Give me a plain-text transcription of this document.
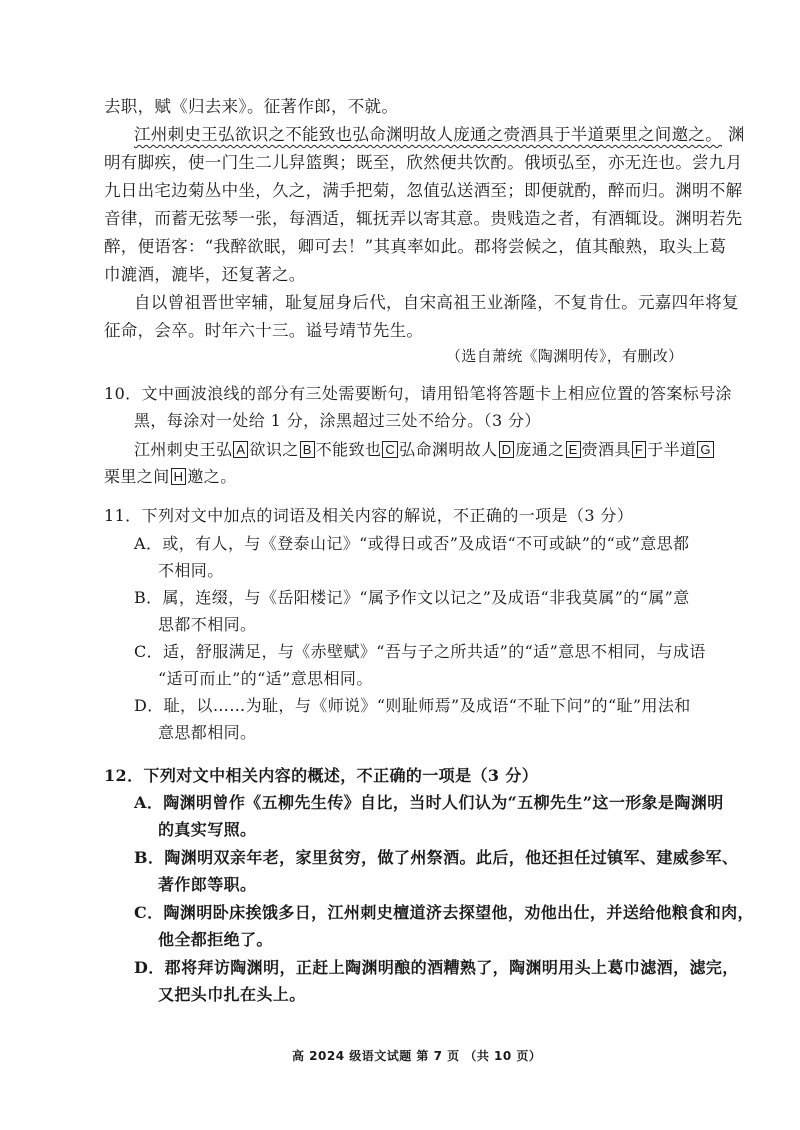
去职，赋《归去来》。征著作郎，不就。
江州刺史王弘欲识之不能致也弘命渊明故人庞通之赍酒具于半道栗里之间邀之。 渊
明有脚疾，使一门生二儿舁篮舆；既至，欣然便共饮酌。俄顷弘至，亦无迕也。尝九月
九日出宅边菊丛中坐，久之，满手把菊，忽值弘送酒至；即便就酌，醉而归。渊明不解
音律，而蓄无弦琴一张，每酒适，辄抚弄以寄其意。贵贱造之者，有酒辄设。渊明若先
醉，便语客：“我醉欲眠，卿可去！”其真率如此。郡将尝候之，值其酿熟，取头上葛
巾漉酒，漉毕，还复著之。
自以曾祖晋世宰辅，耻复屈身后代，自宋高祖王业渐隆，不复肯仕。元嘉四年将复
征命，会卒。时年六十三。谥号靖节先生。
（选自萧统《陶渊明传》，有删改）
10．文中画波浪线的部分有三处需要断句，请用铅笔将答题卡上相应位置的答案标号涂
黑，每涂对一处给 1 分，涂黑超过三处不给分。（3 分）
江州刺史王弘 A 欲识之 B 不能致也 C 弘命渊明故人 D 庞通之 E 赍酒具 F 于半道 G
栗里之间 H 邀之。
11．下列对文中加点的词语及相关内容的解说，不正确的一项是（3 分）
A．或，有人，与《登泰山记》“或得日或否”及成语“不可或缺”的“或”意思都
不相同。
B．属，连缀，与《岳阳楼记》“属予作文以记之”及成语“非我莫属”的“属”意
思都不相同。
C．适，舒服满足，与《赤壁赋》“吾与子之所共适”的“适”意思不相同，与成语
“适可而止”的“适”意思相同。
D．耻，以……为耻，与《师说》“则耻师焉”及成语“不耻下问”的“耻”用法和
意思都相同。
12．下列对文中相关内容的概述，不正确的一项是（3 分）
A．陶渊明曾作《五柳先生传》自比，当时人们认为“五柳先生”这一形象是陶渊明
的真实写照。
B．陶渊明双亲年老，家里贫穷，做了州祭酒。此后，他还担任过镇军、建威参军、
著作郎等职。
C．陶渊明卧床挨饿多日，江州刺史檀道济去探望他，劝他出仕，并送给他粮食和肉，
他全都拒绝了。
D．郡将拜访陶渊明，正赶上陶渊明酿的酒糟熟了，陶渊明用头上葛巾滤酒，滤完，
又把头巾扎在头上。
高 2024 级语文试题 第 7 页 （共 10 页）
